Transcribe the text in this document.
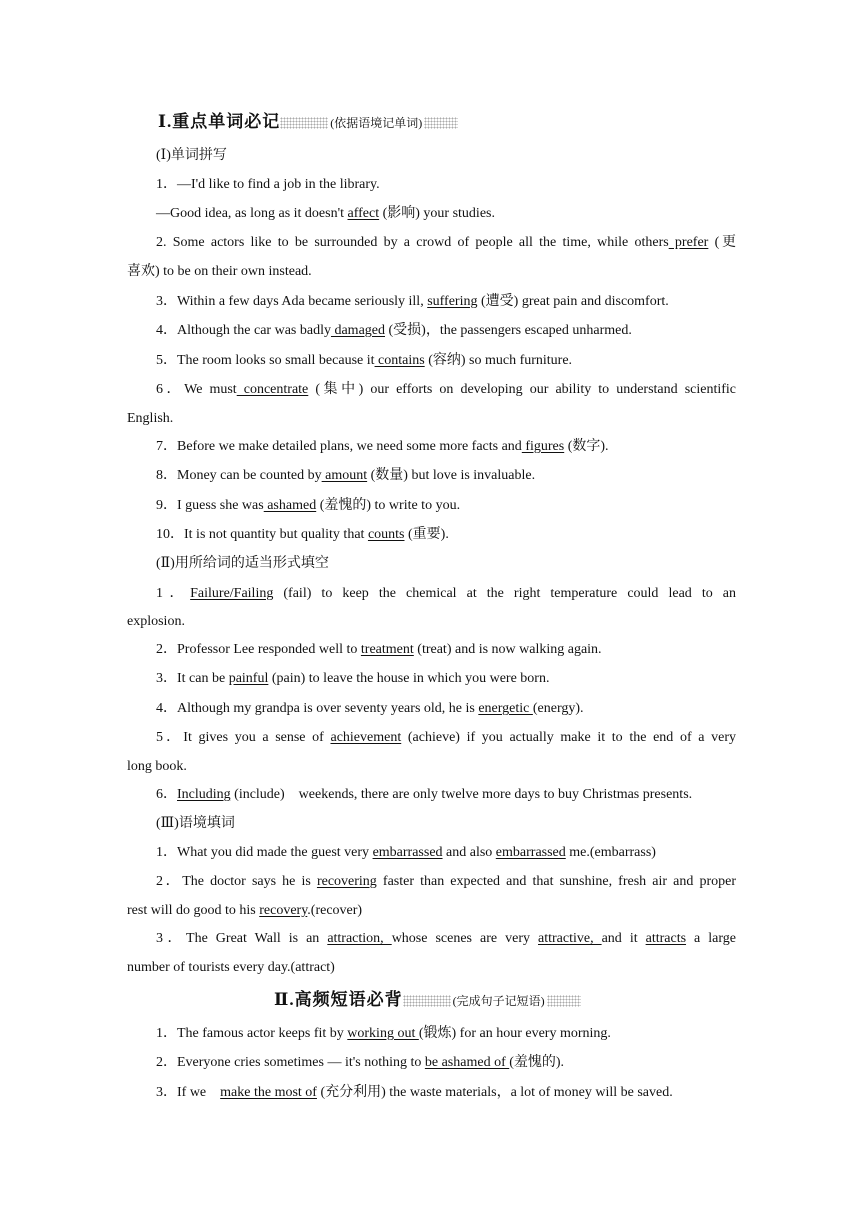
Ⅰ.重点单词必记	(依据语境记单词)
(Ⅰ)单词拼写
1．—I'd like to find a job in the library.
—Good idea, as long as it doesn't affect (影响) your studies.
2. Some actors like to be surrounded by a crowd of people all the time, while others prefer (更
喜欢) to be on their own instead.
3．Within a few days Ada became seriously ill, suffering (遭受) great pain and discomfort.
4．Although the car was badly damaged (受损)，the passengers escaped unharmed.
5．The room looks so small because it contains (容纳) so much furniture.
6．We must concentrate (集中) our efforts on developing our ability to understand scientific
English.
7．Before we make detailed plans, we need some more facts and figures (数字).
8．Money can be counted by amount (数量) but love is invaluable.
9．I guess she was ashamed (羞愧的) to write to you.
10．It is not quantity but quality that counts (重要).
(Ⅱ)用所给词的适当形式填空
1．Failure/Failing (fail) to keep the chemical at the right temperature could lead to an
explosion.
2．Professor Lee responded well to treatment (treat) and is now walking again.
3．It can be painful (pain) to leave the house in which you were born.
4．Although my grandpa is over seventy years old, he is energetic (energy).
5．It gives you a sense of achievement (achieve) if you actually make it to the end of a very
long book.
6．Including (include)　weekends, there are only twelve more days to buy Christmas presents.
(Ⅲ)语境填词
1．What you did made the guest very embarrassed and also embarrassed me.(embarrass)
2．The doctor says he is recovering faster than expected and that sunshine, fresh air and proper
rest will do good to his recovery.(recover)
3．The Great Wall is an attraction, whose scenes are very attractive, and it attracts a large
number of tourists every day.(attract)
Ⅱ.高频短语必背	(完成句子记短语)
1．The famous actor keeps fit by working out (锻炼) for an hour every morning.
2．Everyone cries sometimes — it's nothing to be ashamed of (羞愧的).
3．If we　make the most of (充分利用) the waste materials，a lot of money will be saved.
